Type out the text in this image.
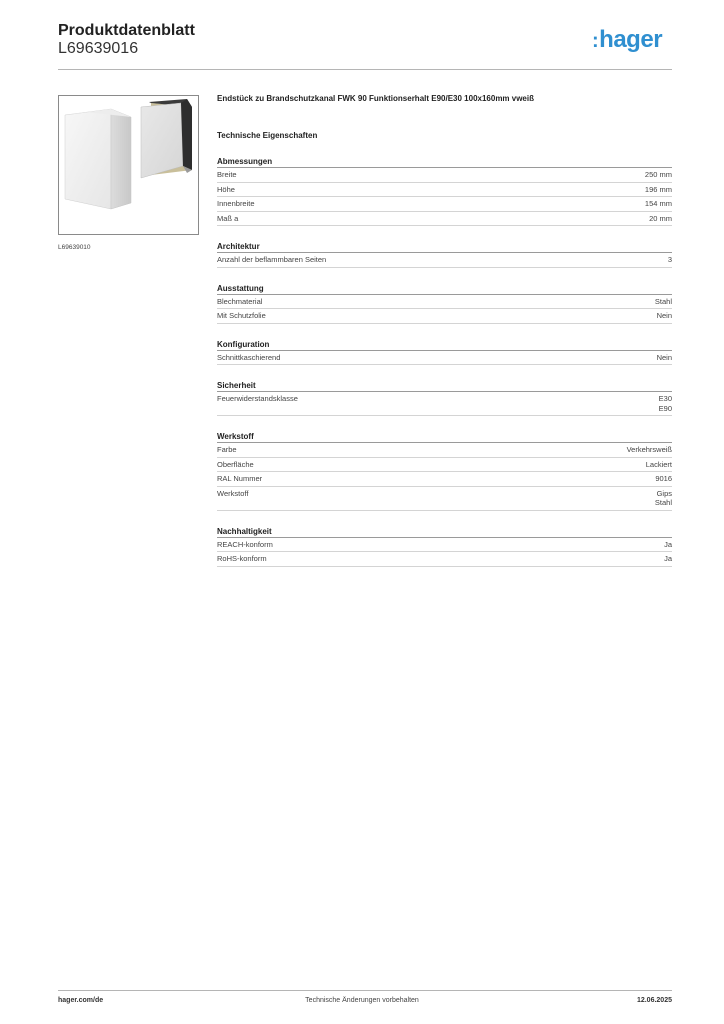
Produktdatenblatt
L69639016	:hager
L69639010
Endstück zu Brandschutzkanal FWK 90 Funktionserhalt E90/E30 100x160mm vweiß
Technische Eigenschaften
Abmessungen
Breite	250 mm
Höhe	196 mm
Innenbreite	154 mm
Maß a	20 mm
Architektur
Anzahl der beflammbaren Seiten	3
Ausstattung
Blechmaterial	Stahl
Mit Schutzfolie	Nein
Konfiguration
Schnittkaschierend	Nein
Sicherheit
Feuerwiderstandsklasse	E30
E90
Werkstoff
Farbe	Verkehrsweiß
Oberfläche	Lackiert
RAL Nummer	9016
Werkstoff	Gips
Stahl
Nachhaltigkeit
REACH-konform	Ja
RoHS-konform	Ja
hager.com/de	Technische Änderungen vorbehalten	12.06.2025
